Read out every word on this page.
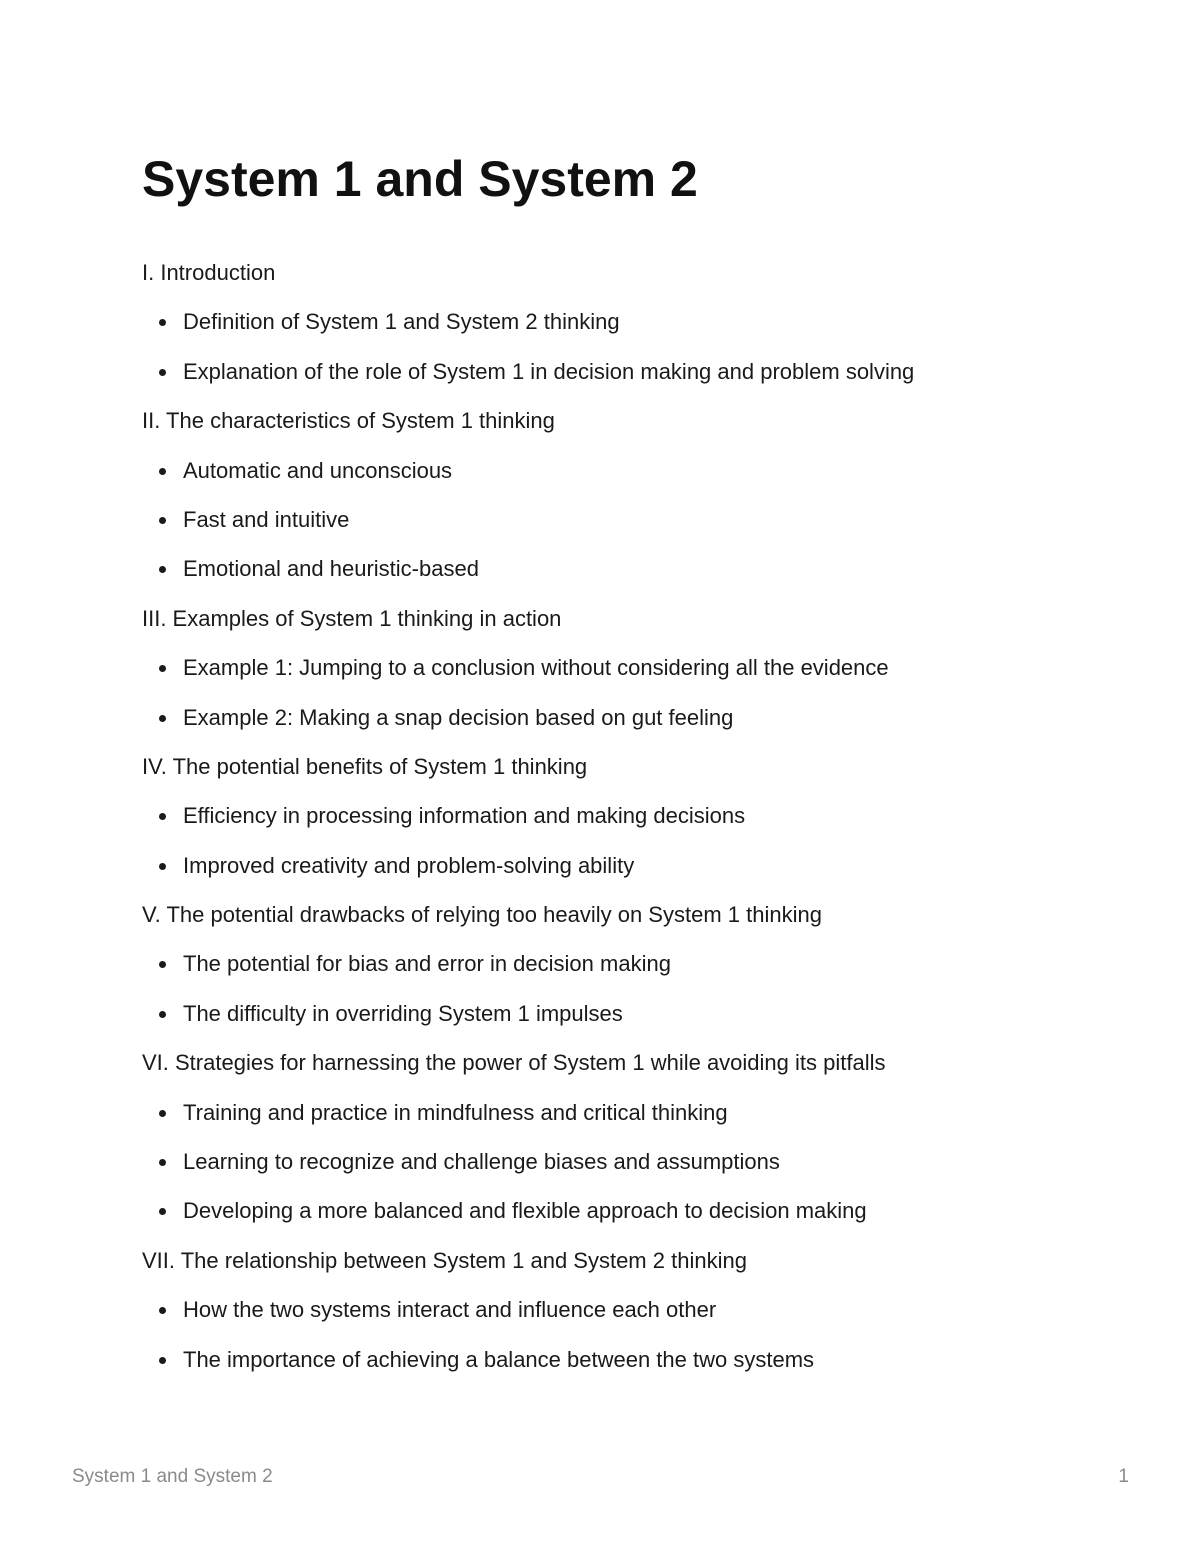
System 1 and System 2

I. Introduction

Definition of System 1 and System 2 thinking
Explanation of the role of System 1 in decision making and problem solving

II. The characteristics of System 1 thinking

Automatic and unconscious
Fast and intuitive
Emotional and heuristic-based

III. Examples of System 1 thinking in action

Example 1: Jumping to a conclusion without considering all the evidence
Example 2: Making a snap decision based on gut feeling

IV. The potential benefits of System 1 thinking

Efficiency in processing information and making decisions
Improved creativity and problem-solving ability

V. The potential drawbacks of relying too heavily on System 1 thinking

The potential for bias and error in decision making
The difficulty in overriding System 1 impulses

VI. Strategies for harnessing the power of System 1 while avoiding its pitfalls

Training and practice in mindfulness and critical thinking
Learning to recognize and challenge biases and assumptions
Developing a more balanced and flexible approach to decision making

VII. The relationship between System 1 and System 2 thinking

How the two systems interact and influence each other
The importance of achieving a balance between the two systems
System 1 and System 2	1
